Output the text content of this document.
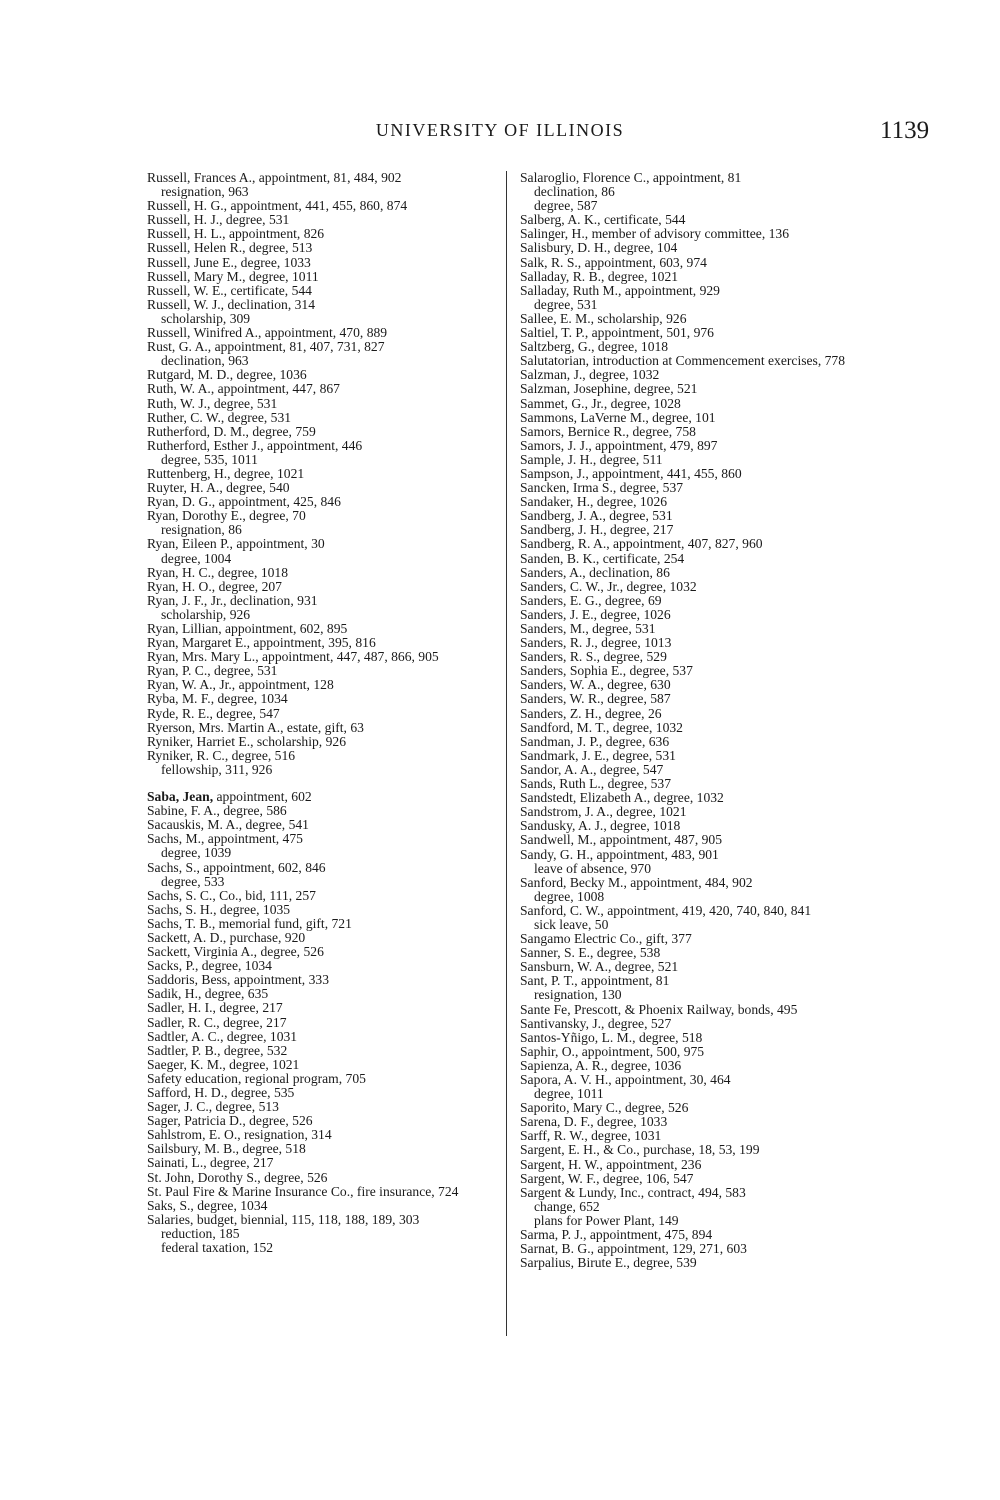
UNIVERSITY OF ILLINOIS	1139

Russell, Frances A., appointment, 81, 484, 902

resignation, 963

Russell, H. G., appointment, 441, 455, 860, 874

Russell, H. J., degree, 531

Russell, H. L., appointment, 826

Russell, Helen R., degree, 513

Russell, June E., degree, 1033

Russell, Mary M., degree, 1011

Russell, W. E., certificate, 544

Russell, W. J., declination, 314

scholarship, 309

Russell, Winifred A., appointment, 470, 889

Rust, G. A., appointment, 81, 407, 731, 827

declination, 963

Rutgard, M. D., degree, 1036

Ruth, W. A., appointment, 447, 867

Ruth, W. J., degree, 531

Ruther, C. W., degree, 531

Rutherford, D. M., degree, 759

Rutherford, Esther J., appointment, 446

degree, 535, 1011

Ruttenberg, H., degree, 1021

Ruyter, H. A., degree, 540

Ryan, D. G., appointment, 425, 846

Ryan, Dorothy E., degree, 70

resignation, 86

Ryan, Eileen P., appointment, 30

degree, 1004

Ryan, H. C., degree, 1018

Ryan, H. O., degree, 207

Ryan, J. F., Jr., declination, 931

scholarship, 926

Ryan, Lillian, appointment, 602, 895

Ryan, Margaret E., appointment, 395, 816

Ryan, Mrs. Mary L., appointment, 447, 487, 866, 905

Ryan, P. C., degree, 531

Ryan, W. A., Jr., appointment, 128

Ryba, M. F., degree, 1034

Ryde, R. E., degree, 547

Ryerson, Mrs. Martin A., estate, gift, 63

Ryniker, Harriet E., scholarship, 926

Ryniker, R. C., degree, 516

fellowship, 311, 926

Saba, Jean, appointment, 602

Sabine, F. A., degree, 586

Sacauskis, M. A., degree, 541

Sachs, M., appointment, 475

degree, 1039

Sachs, S., appointment, 602, 846

degree, 533

Sachs, S. C., Co., bid, 111, 257

Sachs, S. H., degree, 1035

Sachs, T. B., memorial fund, gift, 721

Sackett, A. D., purchase, 920

Sackett, Virginia A., degree, 526

Sacks, P., degree, 1034

Saddoris, Bess, appointment, 333

Sadik, H., degree, 635

Sadler, H. I., degree, 217

Sadler, R. C., degree, 217

Sadtler, A. C., degree, 1031

Sadtler, P. B., degree, 532

Saeger, K. M., degree, 1021

Safety education, regional program, 705

Safford, H. D., degree, 535

Sager, J. C., degree, 513

Sager, Patricia D., degree, 526

Sahlstrom, E. O., resignation, 314

Sailsbury, M. B., degree, 518

Sainati, L., degree, 217

St. John, Dorothy S., degree, 526

St. Paul Fire & Marine Insurance Co., fire insurance, 724

Saks, S., degree, 1034

Salaries, budget, biennial, 115, 118, 188, 189, 303

reduction, 185

federal taxation, 152

Salaroglio, Florence C., appointment, 81

declination, 86

degree, 587

Salberg, A. K., certificate, 544

Salinger, H., member of advisory committee, 136

Salisbury, D. H., degree, 104

Salk, R. S., appointment, 603, 974

Salladay, R. B., degree, 1021

Salladay, Ruth M., appointment, 929

degree, 531

Sallee, E. M., scholarship, 926

Saltiel, T. P., appointment, 501, 976

Saltzberg, G., degree, 1018

Salutatorian, introduction at Commencement exercises, 778

Salzman, J., degree, 1032

Salzman, Josephine, degree, 521

Sammet, G., Jr., degree, 1028

Sammons, LaVerne M., degree, 101

Samors, Bernice R., degree, 758

Samors, J. J., appointment, 479, 897

Sample, J. H., degree, 511

Sampson, J., appointment, 441, 455, 860

Sancken, Irma S., degree, 537

Sandaker, H., degree, 1026

Sandberg, J. A., degree, 531

Sandberg, J. H., degree, 217

Sandberg, R. A., appointment, 407, 827, 960

Sanden, B. K., certificate, 254

Sanders, A., declination, 86

Sanders, C. W., Jr., degree, 1032

Sanders, E. G., degree, 69

Sanders, J. E., degree, 1026

Sanders, M., degree, 531

Sanders, R. J., degree, 1013

Sanders, R. S., degree, 529

Sanders, Sophia E., degree, 537

Sanders, W. A., degree, 630

Sanders, W. R., degree, 587

Sanders, Z. H., degree, 26

Sandford, M. T., degree, 1032

Sandman, J. P., degree, 636

Sandmark, J. E., degree, 531

Sandor, A. A., degree, 547

Sands, Ruth L., degree, 537

Sandstedt, Elizabeth A., degree, 1032

Sandstrom, J. A., degree, 1021

Sandusky, A. J., degree, 1018

Sandwell, M., appointment, 487, 905

Sandy, G. H., appointment, 483, 901

leave of absence, 970

Sanford, Becky M., appointment, 484, 902

degree, 1008

Sanford, C. W., appointment, 419, 420, 740, 840, 841

sick leave, 50

Sangamo Electric Co., gift, 377

Sanner, S. E., degree, 538

Sansburn, W. A., degree, 521

Sant, P. T., appointment, 81

resignation, 130

Sante Fe, Prescott, & Phoenix Railway, bonds, 495

Santivansky, J., degree, 527

Santos-Yñigo, L. M., degree, 518

Saphir, O., appointment, 500, 975

Sapienza, A. R., degree, 1036

Sapora, A. V. H., appointment, 30, 464

degree, 1011

Saporito, Mary C., degree, 526

Sarena, D. F., degree, 1033

Sarff, R. W., degree, 1031

Sargent, E. H., & Co., purchase, 18, 53, 199

Sargent, H. W., appointment, 236

Sargent, W. F., degree, 106, 547

Sargent & Lundy, Inc., contract, 494, 583

change, 652

plans for Power Plant, 149

Sarma, P. J., appointment, 475, 894

Sarnat, B. G., appointment, 129, 271, 603

Sarpalius, Birute E., degree, 539
